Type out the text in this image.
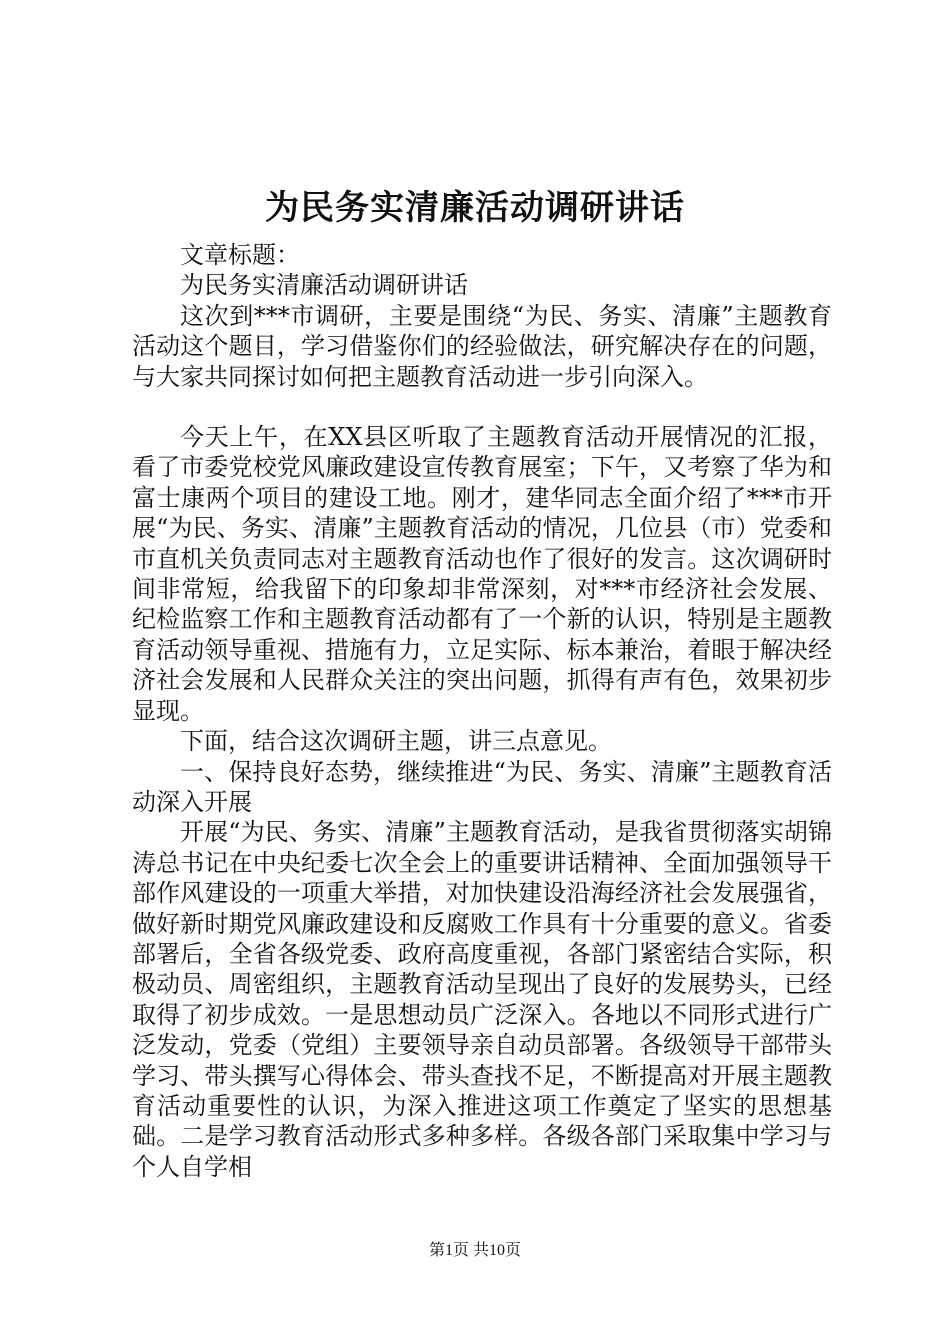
为民务实清廉活动调研讲话

文章标题：

为民务实清廉活动调研讲话

这次到***市调研，主要是围绕“为民、务实、清廉”主题教育活动这个题目，学习借鉴你们的经验做法，研究解决存在的问题，与大家共同探讨如何把主题教育活动进一步引向深入。

今天上午，在XX县区听取了主题教育活动开展情况的汇报，看了市委党校党风廉政建设宣传教育展室；下午，又考察了华为和富士康两个项目的建设工地。刚才，建华同志全面介绍了***市开展“为民、务实、清廉”主题教育活动的情况，几位县（市）党委和市直机关负责同志对主题教育活动也作了很好的发言。这次调研时间非常短，给我留下的印象却非常深刻，对***市经济社会发展、纪检监察工作和主题教育活动都有了一个新的认识，特别是主题教育活动领导重视、措施有力，立足实际、标本兼治，着眼于解决经济社会发展和人民群众关注的突出问题，抓得有声有色，效果初步显现。

下面，结合这次调研主题，讲三点意见。

一、保持良好态势，继续推进“为民、务实、清廉”主题教育活动深入开展

开展“为民、务实、清廉”主题教育活动，是我省贯彻落实胡锦涛总书记在中央纪委七次全会上的重要讲话精神、全面加强领导干部作风建设的一项重大举措，对加快建设沿海经济社会发展强省，做好新时期党风廉政建设和反腐败工作具有十分重要的意义。省委部署后，全省各级党委、政府高度重视，各部门紧密结合实际，积极动员、周密组织，主题教育活动呈现出了良好的发展势头，已经取得了初步成效。一是思想动员广泛深入。各地以不同形式进行广泛发动，党委（党组）主要领导亲自动员部署。各级领导干部带头学习、带头撰写心得体会、带头查找不足，不断提高对开展主题教育活动重要性的认识，为深入推进这项工作奠定了坚实的思想基础。二是学习教育活动形式多种多样。各级各部门采取集中学习与个人自学相

第1页 共10页
